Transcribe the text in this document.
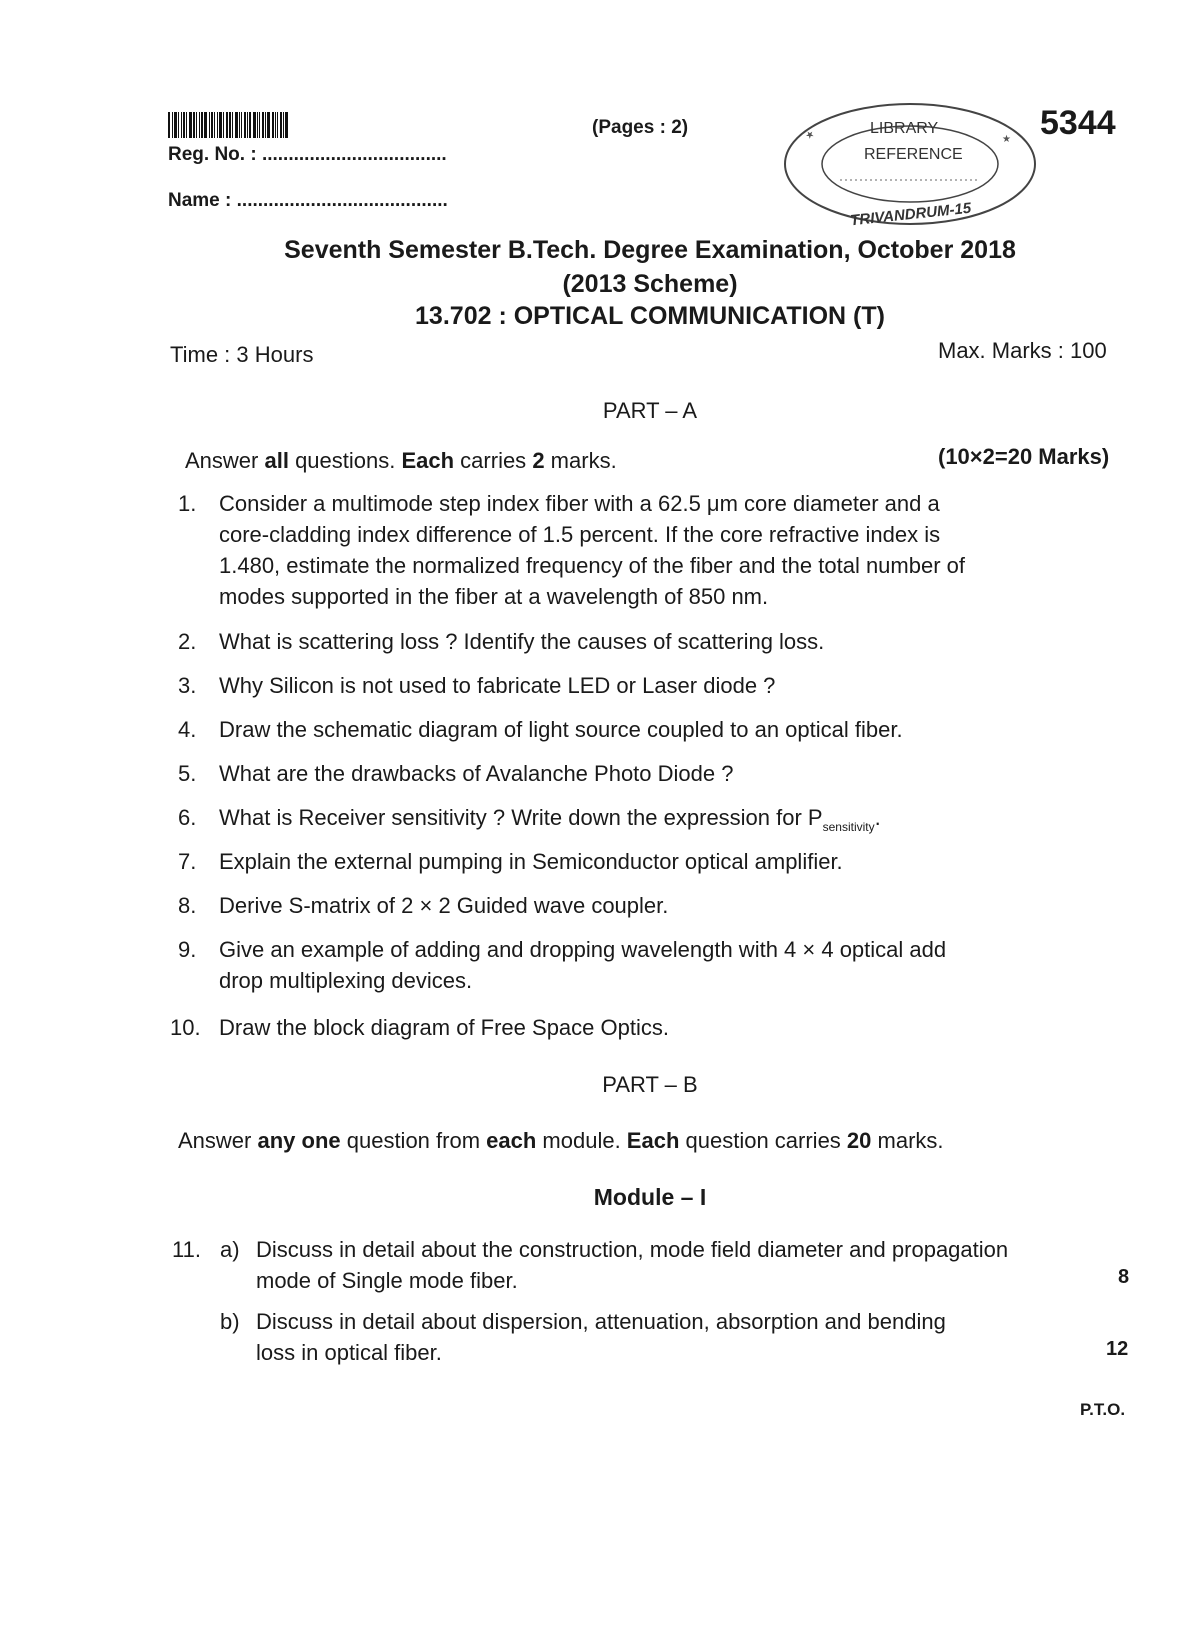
Reg. No. : ...................................
Name : ........................................
(Pages : 2)	5344
★	★
LIBRARY
REFERENCE
TRIVANDRUM-15
Seventh Semester B.Tech. Degree Examination, October 2018
(2013 Scheme)
13.702 : OPTICAL COMMUNICATION (T)
Time : 3 Hours	Max. Marks : 100
PART – A
Answer all questions. Each carries 2 marks.	(10×2=20 Marks)
1. Consider a multimode step index fiber with a 62.5 μm core diameter and a
core-cladding index difference of 1.5 percent. If the core refractive index is
1.480, estimate the normalized frequency of the fiber and the total number of
modes supported in the fiber at a wavelength of 850 nm.
2. What is scattering loss ? Identify the causes of scattering loss.
3. Why Silicon is not used to fabricate LED or Laser diode ?
4. Draw the schematic diagram of light source coupled to an optical fiber.
5. What are the drawbacks of Avalanche Photo Diode ?
6. What is Receiver sensitivity ? Write down the expression for $P_{sensitivity}$.
7. Explain the external pumping in Semiconductor optical amplifier.
8. Derive S-matrix of 2 × 2 Guided wave coupler.
9. Give an example of adding and dropping wavelength with 4 × 4 optical add
drop multiplexing devices.
10. Draw the block diagram of Free Space Optics.
PART – B
Answer any one question from each module. Each question carries 20 marks.
Module – I
11. a) Discuss in detail about the construction, mode field diameter and propagation
mode of Single mode fiber.	8
b) Discuss in detail about dispersion, attenuation, absorption and bending
loss in optical fiber.	12
P.T.O.
